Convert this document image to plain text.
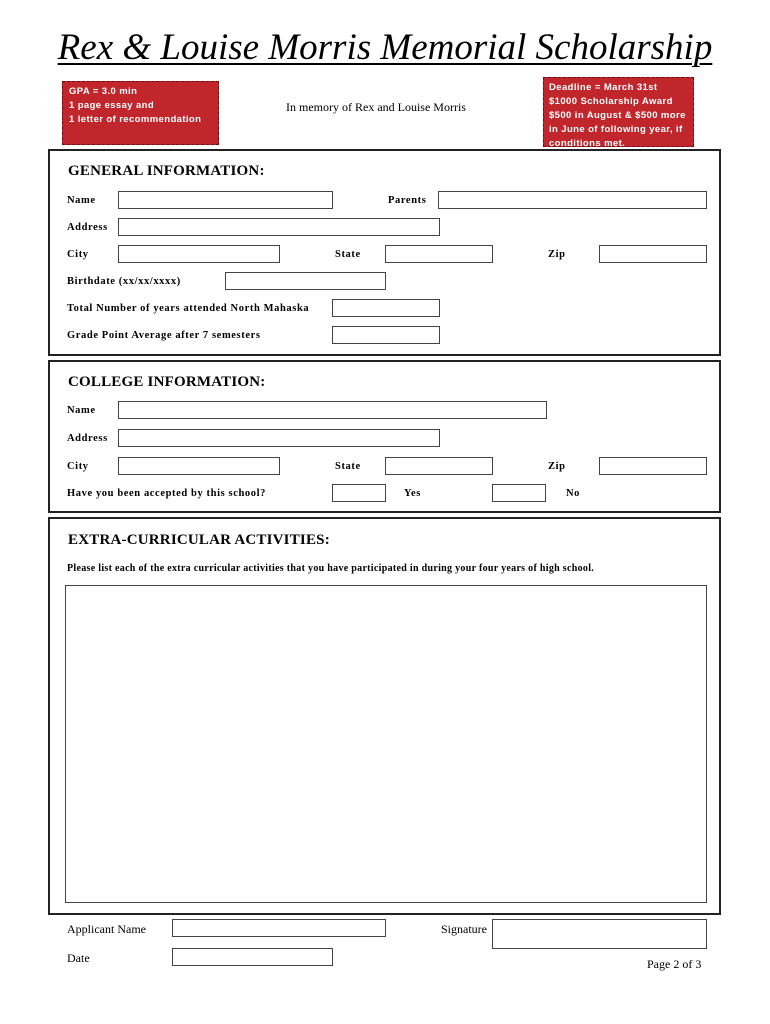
Rex & Louise Morris Memorial Scholarship
GPA = 3.0 min
1 page essay and
1 letter of recommendation
In memory of Rex and Louise Morris
Deadline = March 31st
$1000 Scholarship Award
$500 in August & $500 more
in June of following year, if
conditions met.
GENERAL INFORMATION:
Name	Parents
Address
City	State	Zip
Birthdate (xx/xx/xxxx)
Total Number of years attended North Mahaska
Grade Point Average after 7 semesters
COLLEGE INFORMATION:
Name
Address
City	State	Zip
Have you been accepted by this school?	Yes	No
EXTRA-CURRICULAR ACTIVITIES:
Please list each of the extra curricular activities that you have participated in during your four years of high school.
Applicant Name	Signature
Date	Page 2 of 3
